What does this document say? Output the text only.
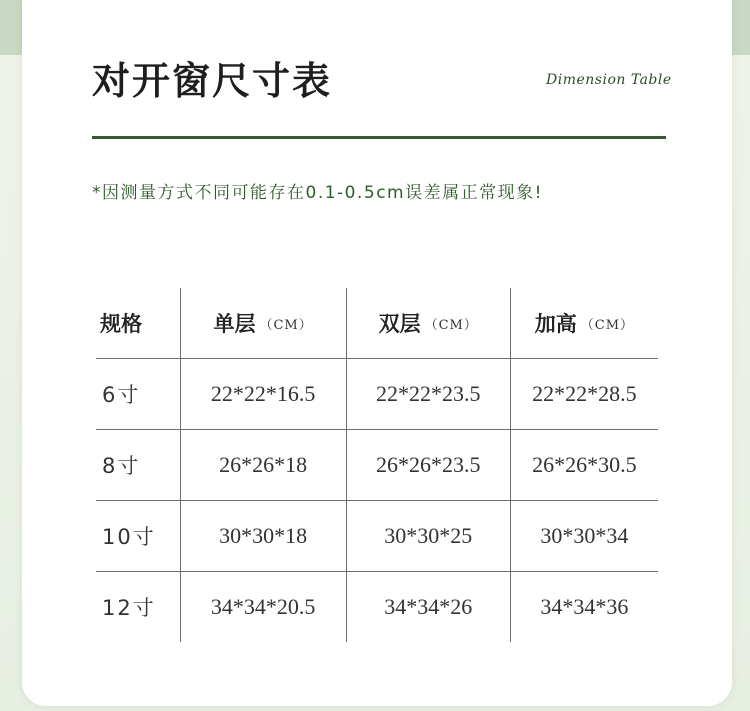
对开窗尺寸表	Dimension Table
*因测量方式不同可能存在0.1-0.5cm误差属正常现象!
规格	单层 （CM）	双层 （CM）	加高 （CM）
6寸	22*22*16.5	22*22*23.5	22*22*28.5
8寸	26*26*18	26*26*23.5	26*26*30.5
10寸	30*30*18	30*30*25	30*30*34
12寸	34*34*20.5	34*34*26	34*34*36
